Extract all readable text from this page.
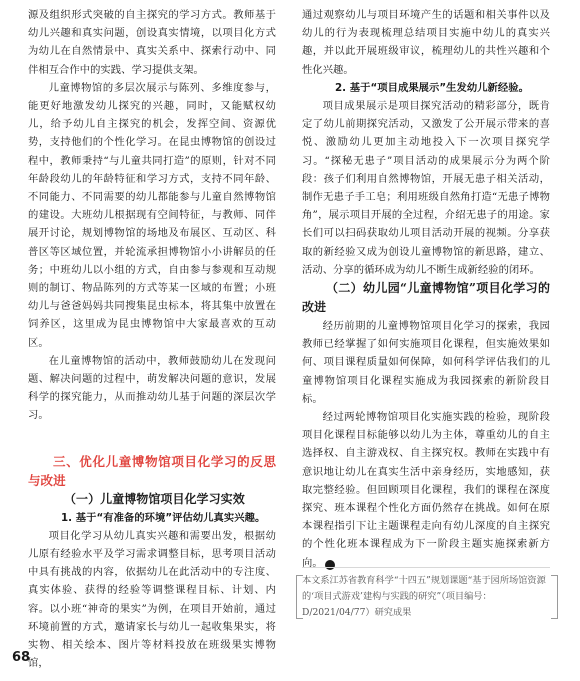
源及组织形式突破的自主探究的学习方式。教师基于幼儿兴趣和真实问题，创设真实情境，以项目化方式为幼儿在自然情景中、真实关系中、探索行动中、同伴相互合作中的实践、学习提供支架。

儿童博物馆的多层次展示与陈列、多维度参与，能更好地激发幼儿探究的兴趣，同时，又能赋权幼儿，给予幼儿自主探究的机会，发挥空间、资源优势，支持他们的个性化学习。在昆虫博物馆的创设过程中，教师秉持“与儿童共同打造”的原则，针对不同年龄段幼儿的年龄特征和学习方式，支持不同年龄、不同能力、不同需要的幼儿都能参与儿童自然博物馆的建设。大班幼儿根据现有空间特征，与教师、同伴展开讨论，规划博物馆的场地及布展区、互动区、科普区等区域位置，并轮流承担博物馆小小讲解员的任务；中班幼儿以小组的方式，自由参与参观和互动规则的制订、物品陈列的方式等某一区域的布置；小班幼儿与爸爸妈妈共同搜集昆虫标本，将其集中放置在饲养区，这里成为昆虫博物馆中大家最喜欢的互动区。

在儿童博物馆的活动中，教师鼓励幼儿在发现问题、解决问题的过程中，萌发解决问题的意识，发展科学的探究能力，从而推动幼儿基于问题的深层次学习。

三、优化儿童博物馆项目化学习的反思与改进

（一）儿童博物馆项目化学习实效

1. 基于“有准备的环境”评估幼儿真实兴趣。

项目化学习从幼儿真实兴趣和需要出发，根据幼儿原有经验水平及学习需求调整目标，思考项目活动中具有挑战的内容，依据幼儿在此活动中的专注度、真实体验、获得的经验等调整课程目标、计划、内容。以小班“神奇的果实”为例，在项目开始前，通过环境前置的方式，邀请家长与幼儿一起收集果实，将实物、相关绘本、图片等材料投放在班级果实博物馆，

通过观察幼儿与项目环境产生的话题和相关事件以及幼儿的行为表现梳理总结项目实施中幼儿的真实兴趣，并以此开展班级审议，梳理幼儿的共性兴趣和个性化兴趣。

2. 基于“项目成果展示”生发幼儿新经验。

项目成果展示是项目探究活动的精彩部分，既肯定了幼儿前期探究活动，又激发了公开展示带来的喜悦、激励幼儿更加主动地投入下一次项目探究学习。“探秘无患子”项目活动的成果展示分为两个阶段：孩子们利用自然博物馆，开展无患子相关活动，制作无患子手工皂；利用班级自然角打造“无患子博物角”，展示项目开展的全过程，介绍无患子的用途。家长们可以扫码获取幼儿项目活动开展的视频。分享获取的新经验又成为创设儿童博物馆的新思路，建立、活动、分享的循环成为幼儿不断生成新经验的闭环。

（二）幼儿园“儿童博物馆”项目化学习的改进

经历前期的儿童博物馆项目化学习的探索，我园教师已经掌握了如何实施项目化课程，但实施效果如何、项目课程质量如何保障，如何科学评估我们的儿童博物馆项目化课程实施成为我园探索的新阶段目标。

经过两轮博物馆项目化实施实践的检验，现阶段项目化课程目标能够以幼儿为主体，尊重幼儿的自主选择权、自主游戏权、自主探究权。教师在实践中有意识地让幼儿在真实生活中亲身经历，实地感知，获取完整经验。但回顾项目化课程，我们的课程在深度探究、班本课程个性化方面仍然存在挑战。如何在原本课程指引下让主题课程走向有幼儿深度的自主探究的个性化班本课程成为下一阶段主题实施探索新方向。	Y

本文系江苏省教育科学“十四五”规划课题“基于园所场馆资源的‘项目式游戏’建构与实践的研究”（项目编号：D/2021/04/77）研究成果

68
